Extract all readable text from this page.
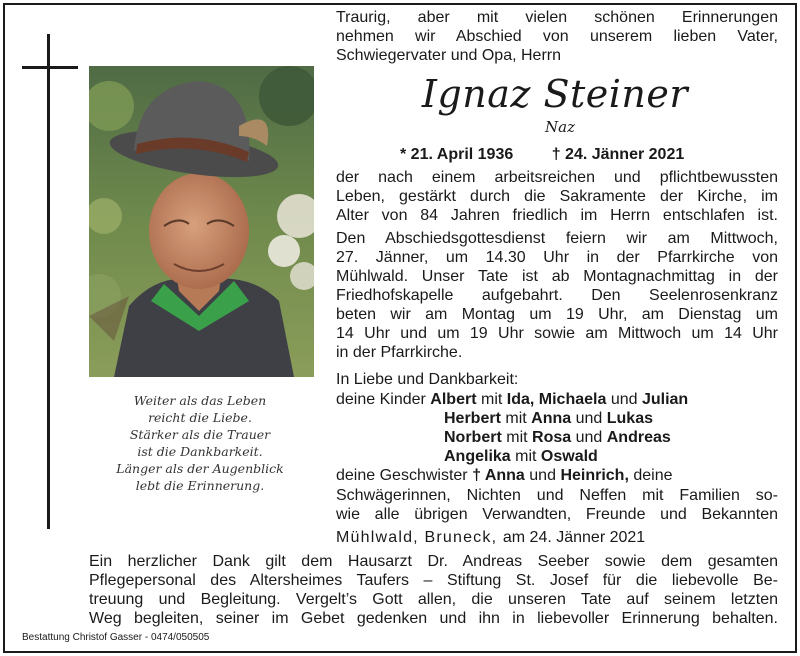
Weiter als das Leben
reicht die Liebe.
Stärker als die Trauer
ist die Dankbarkeit.
Länger als der Augenblick
lebt die Erinnerung.
Traurig, aber mit vielen schönen Erinnerungen
nehmen wir Abschied von unserem lieben Vater,
Schwiegervater und Opa, Herrn
Ignaz Steiner
Naz
* 21. April 1936 † 24. Jänner 2021
der nach einem arbeitsreichen und pflichtbewussten
Leben, gestärkt durch die Sakramente der Kirche, im
Alter von 84 Jahren friedlich im Herrn entschlafen ist.
Den Abschiedsgottesdienst feiern wir am Mittwoch,
27. Jänner, um 14.30 Uhr in der Pfarrkirche von
Mühlwald. Unser Tate ist ab Montagnachmittag in der
Friedhofskapelle aufgebahrt. Den Seelenrosenkranz
beten wir am Montag um 19 Uhr, am Dienstag um
14 Uhr und um 19 Uhr sowie am Mittwoch um 14 Uhr
in der Pfarrkirche.
In Liebe und Dankbarkeit:
deine Kinder Albert mit Ida, Michaela und Julian
Herbert mit Anna und Lukas
Norbert mit Rosa und Andreas
Angelika mit Oswald
deine Geschwister † Anna und Heinrich, deine
Schwägerinnen, Nichten und Neffen mit Familien so-
wie alle übrigen Verwandten, Freunde und Bekannten
Mühlwald, Bruneck, am 24. Jänner 2021
Ein herzlicher Dank gilt dem Hausarzt Dr. Andreas Seeber sowie dem gesamten
Pflegepersonal des Altersheimes Taufers – Stiftung St. Josef für die liebevolle Be-
treuung und Begleitung. Vergelt’s Gott allen, die unseren Tate auf seinem letzten
Weg begleiten, seiner im Gebet gedenken und ihn in liebevoller Erinnerung behalten.
Bestattung Christof Gasser - 0474/050505
